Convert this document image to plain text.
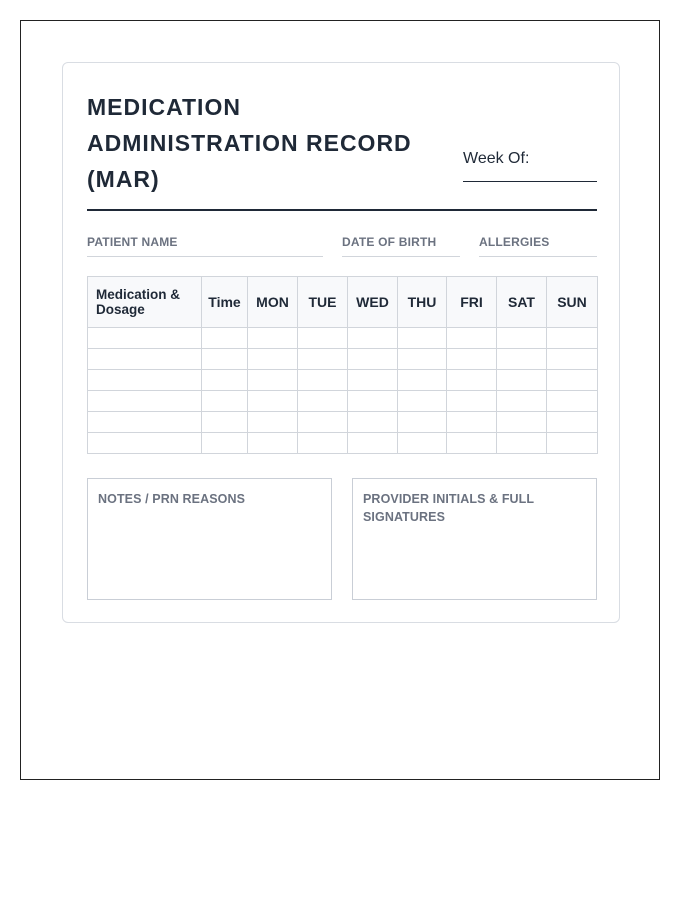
MEDICATION
ADMINISTRATION RECORD
(MAR)
Week Of:
PATIENT NAME	DATE OF BIRTH	ALLERGIES
Medication & Dosage	Time	MON	TUE	WED	THU	FRI	SAT	SUN

NOTES / PRN REASONS	PROVIDER INITIALS & FULL SIGNATURES
